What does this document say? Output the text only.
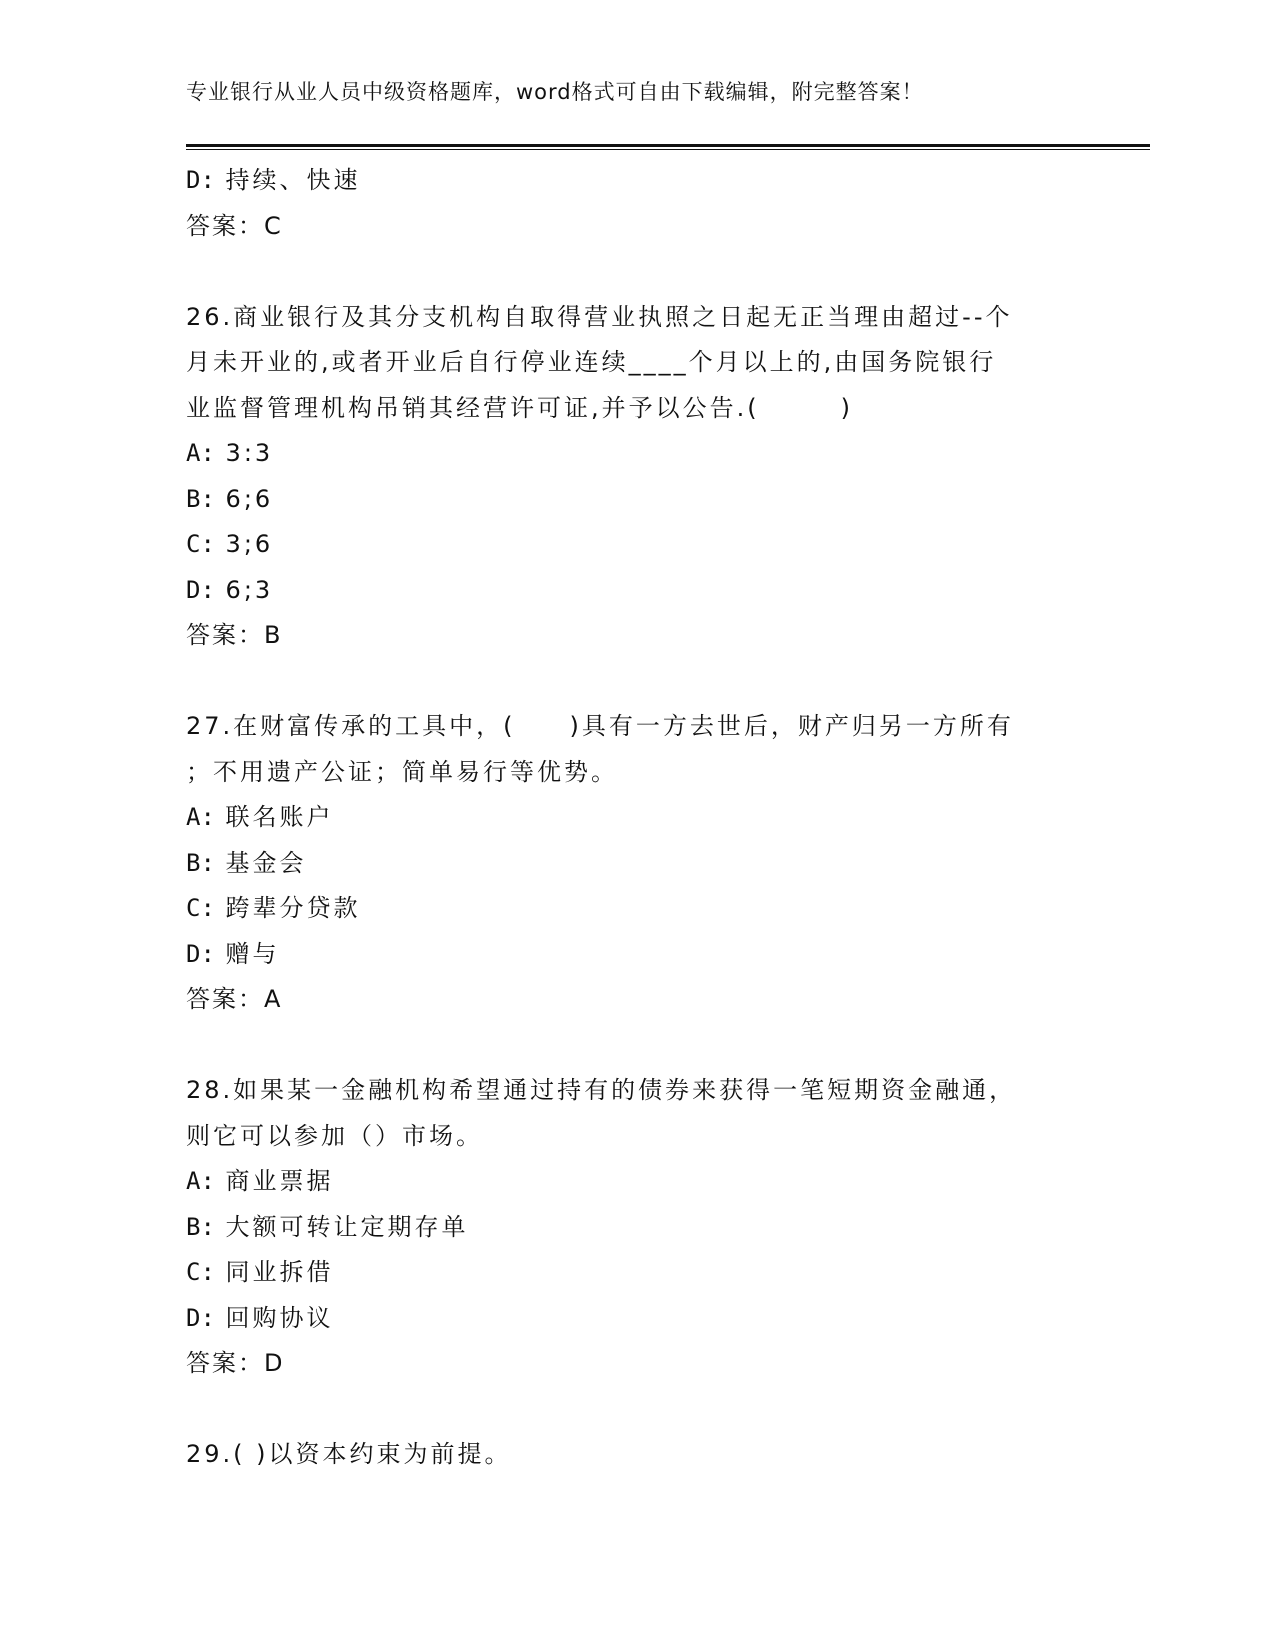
专业银行从业人员中级资格题库，word格式可自由下载编辑，附完整答案！
D: 持续、快速
答案：C
26.商业银行及其分支机构自取得营业执照之日起无正当理由超过--个
月未开业的,或者开业后自行停业连续____个月以上的,由国务院银行
业监督管理机构吊销其经营许可证,并予以公告.(　　　)
A: 3:3
B: 6;6
C: 3;6
D: 6;3
答案：B
27.在财富传承的工具中，(　　)具有一方去世后，财产归另一方所有
；不用遗产公证；简单易行等优势。
A: 联名账户
B: 基金会
C: 跨辈分贷款
D: 赠与
答案：A
28.如果某一金融机构希望通过持有的债券来获得一笔短期资金融通，
则它可以参加（）市场。
A: 商业票据
B: 大额可转让定期存单
C: 同业拆借
D: 回购协议
答案：D
29.( )以资本约束为前提。
